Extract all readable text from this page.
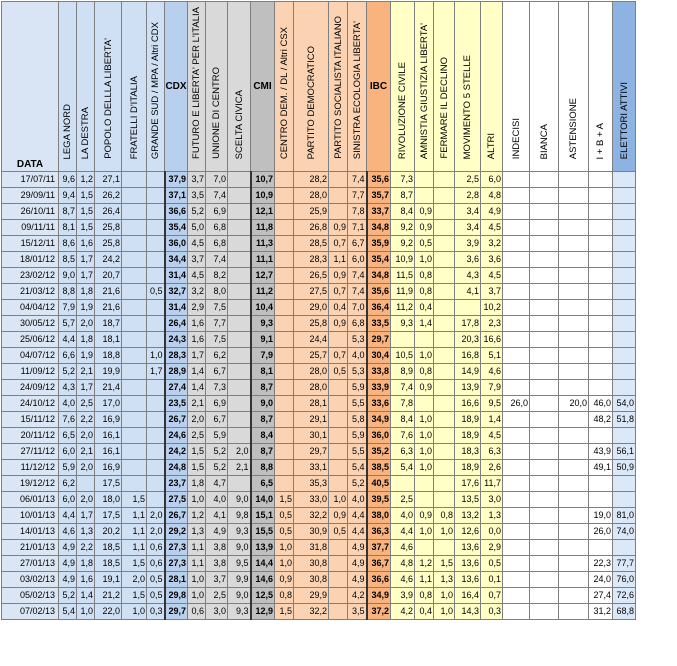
DATA	LEGA NORD	LA DESTRA	POPOLO DELLLA LIBERTA'	FRATELLI D'ITALIA	GRANDE SUD / MPA / Altri CDX	CDX	FUTURO E LIBERTA' PER L'ITALIA	UNIONE DI CENTRO	SCELTA CIVICA	CMI	CENTRO DEM. / DL / Altri CSX	PARTITO DEMOCRATICO	PARTITO SOCIALISTA ITALIANO	SINISTRA ECOLOGIA LIBERTA'	IBC	RIVOLUZIONE CIVILE	AMNISTIA GIUSTIZIA LIBERTA'	FERMARE IL DECLINO	MOVIMENTO 5 STELLE	ALTRI	INDECISI	BIANCA	ASTENSIONE	I + B + A	ELETTORI ATTIVI
17/07/11	9,6	1,2	27,1			37,9	3,7	7,0		10,7		28,2		7,4	35,6	7,3			2,5	6,0					
29/09/11	9,4	1,5	26,2			37,1	3,5	7,4		10,9		28,0		7,7	35,7	8,7			2,8	4,8					
26/10/11	8,7	1,5	26,4			36,6	5,2	6,9		12,1		25,9		7,8	33,7	8,4	0,9		3,4	4,9					
09/11/11	8,1	1,5	25,8			35,4	5,0	6,8		11,8		26,8	0,9	7,1	34,8	9,2	0,9		3,4	4,5					
15/12/11	8,6	1,6	25,8			36,0	4,5	6,8		11,3		28,5	0,7	6,7	35,9	9,2	0,5		3,9	3,2					
18/01/12	8,5	1,7	24,2			34,4	3,7	7,4		11,1		28,3	1,1	6,0	35,4	10,9	1,0		3,6	3,6					
23/02/12	9,0	1,7	20,7			31,4	4,5	8,2		12,7		26,5	0,9	7,4	34,8	11,5	0,8		4,3	4,5					
21/03/12	8,8	1,8	21,6		0,5	32,7	3,2	8,0		11,2		27,5	0,7	7,4	35,6	11,9	0,8		4,1	3,7					
04/04/12	7,9	1,9	21,6			31,4	2,9	7,5		10,4		29,0	0,4	7,0	36,4	11,2	0,4			10,2					
30/05/12	5,7	2,0	18,7			26,4	1,6	7,7		9,3		25,8	0,9	6,8	33,5	9,3	1,4		17,8	2,3					
25/06/12	4,4	1,8	18,1			24,3	1,6	7,5		9,1		24,4		5,3	29,7				20,3	16,6					
04/07/12	6,6	1,9	18,8		1,0	28,3	1,7	6,2		7,9		25,7	0,7	4,0	30,4	10,5	1,0		16,8	5,1					
11/09/12	5,2	2,1	19,9		1,7	28,9	1,4	6,7		8,1		28,0	0,5	5,3	33,8	8,9	0,8		14,9	4,6					
24/09/12	4,3	1,7	21,4			27,4	1,4	7,3		8,7		28,0		5,9	33,9	7,4	0,9		13,9	7,9					
24/10/12	4,0	2,5	17,0			23,5	2,1	6,9		9,0		28,1		5,5	33,6	7,8			16,6	9,5	26,0		20,0	46,0	54,0
15/11/12	7,6	2,2	16,9			26,7	2,0	6,7		8,7		29,1		5,8	34,9	8,4	1,0		18,9	1,4				48,2	51,8
20/11/12	6,5	2,0	16,1			24,6	2,5	5,9		8,4		30,1		5,9	36,0	7,6	1,0		18,9	4,5					
27/11/12	6,0	2,1	16,1			24,2	1,5	5,2	2,0	8,7		29,7		5,5	35,2	6,3	1,0		18,3	6,3				43,9	56,1
11/12/12	5,9	2,0	16,9			24,8	1,5	5,2	2,1	8,8		33,1		5,4	38,5	5,4	1,0		18,9	2,6				49,1	50,9
19/12/12	6,2		17,5			23,7	1,8	4,7		6,5		35,3		5,2	40,5				17,6	11,7					
06/01/13	6,0	2,0	18,0	1,5		27,5	1,0	4,0	9,0	14,0	1,5	33,0	1,0	4,0	39,5	2,5			13,5	3,0					
10/01/13	4,4	1,7	17,5	1,1	2,0	26,7	1,2	4,1	9,8	15,1	0,5	32,2	0,9	4,4	38,0	4,0	0,9	0,8	13,2	1,3				19,0	81,0
14/01/13	4,6	1,3	20,2	1,1	2,0	29,2	1,3	4,9	9,3	15,5	0,5	30,9	0,5	4,4	36,3	4,4	1,0	1,0	12,6	0,0				26,0	74,0
21/01/13	4,9	2,2	18,5	1,1	0,6	27,3	1,1	3,8	9,0	13,9	1,0	31,8		4,9	37,7	4,6			13,6	2,9					
27/01/13	4,9	1,8	18,5	1,5	0,6	27,3	1,1	3,8	9,5	14,4	1,0	30,8		4,9	36,7	4,8	1,2	1,5	13,6	0,5				22,3	77,7
03/02/13	4,9	1,6	19,1	2,0	0,5	28,1	1,0	3,7	9,9	14,6	0,9	30,8		4,9	36,6	4,6	1,1	1,3	13,6	0,1				24,0	76,0
05/02/13	5,2	1,4	21,2	1,5	0,5	29,8	1,0	2,5	9,0	12,5	0,8	29,9		4,2	34,9	3,9	0,8	1,0	16,4	0,7				27,4	72,6
07/02/13	5,4	1,0	22,0	1,0	0,3	29,7	0,6	3,0	9,3	12,9	1,5	32,2		3,5	37,2	4,2	0,4	1,0	14,3	0,3				31,2	68,8
